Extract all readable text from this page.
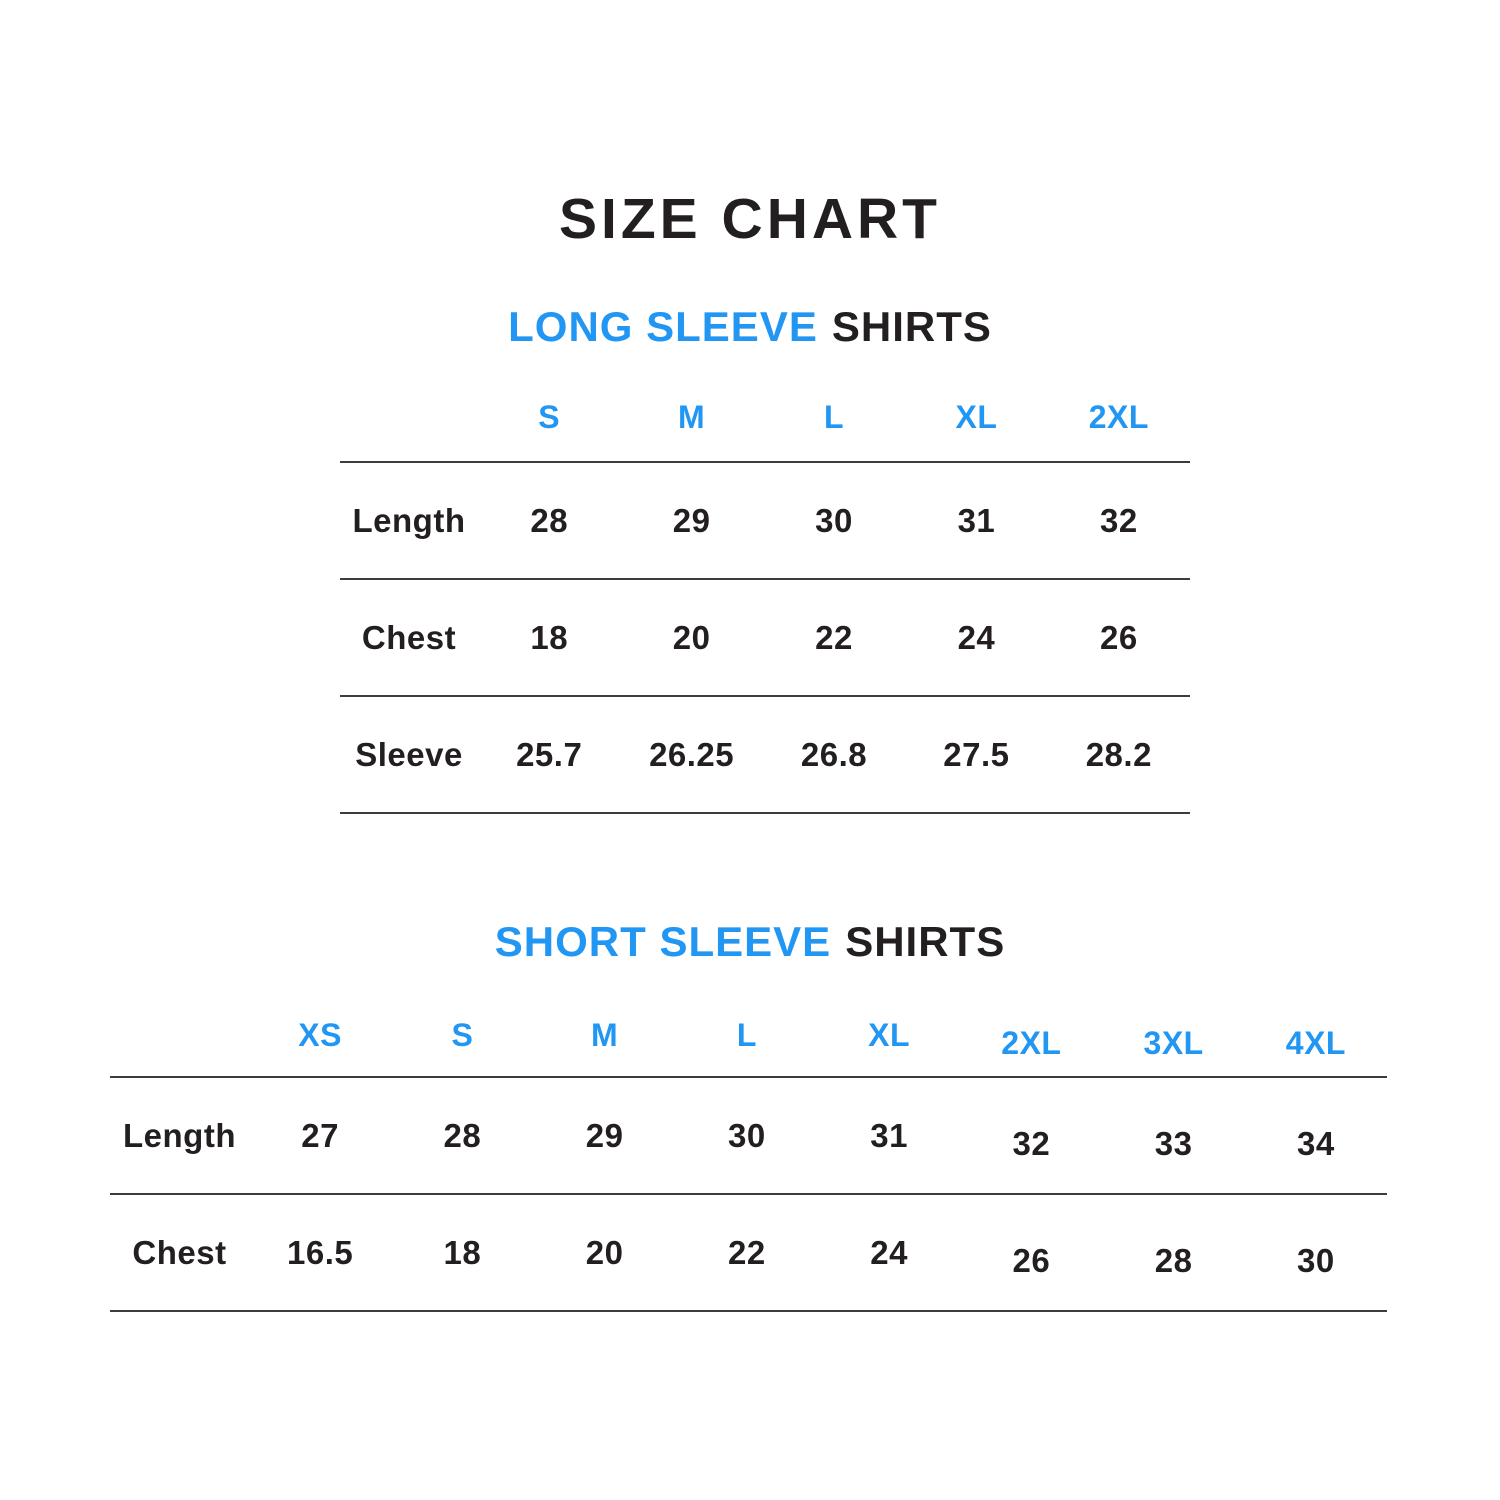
SIZE CHART
LONG SLEEVE SHIRTS
S	M	L	XL	2XL
Length	28	29	30	31	32
Chest	18	20	22	24	26
Sleeve	25.7	26.25	26.8	27.5	28.2
SHORT SLEEVE SHIRTS
XS	S	M	L	XL	2XL	3XL	4XL
Length	27	28	29	30	31	32	33	34
Chest	16.5	18	20	22	24	26	28	30
